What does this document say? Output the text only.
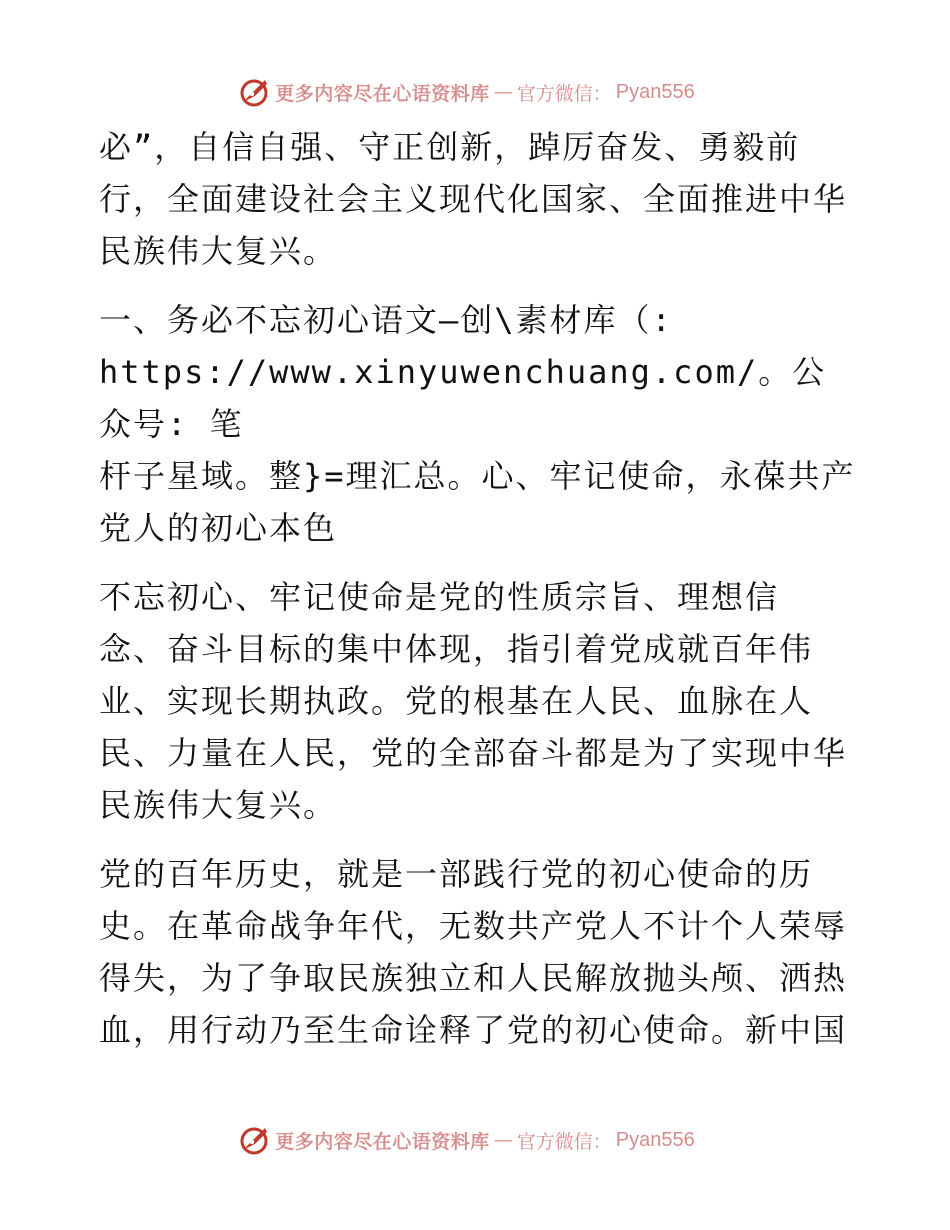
更多内容尽在心语资料库 — 官方微信： Pyan556

必”，自信自强、守正创新，踔厉奋发、勇毅前
行，全面建设社会主义现代化国家、全面推进中华
民族伟大复兴。

一、务必不忘初心语文—创\素材库（:
https://www.xinyuwenchuang.com/。公众号: 笔
杆子星域。整}=理汇总。心、牢记使命，永葆共产
党人的初心本色

不忘初心、牢记使命是党的性质宗旨、理想信
念、奋斗目标的集中体现，指引着党成就百年伟
业、实现长期执政。党的根基在人民、血脉在人
民、力量在人民，党的全部奋斗都是为了实现中华
民族伟大复兴。

党的百年历史，就是一部践行党的初心使命的历
史。在革命战争年代，无数共产党人不计个人荣辱
得失，为了争取民族独立和人民解放抛头颅、洒热
血，用行动乃至生命诠释了党的初心使命。新中国

更多内容尽在心语资料库 — 官方微信： Pyan556
